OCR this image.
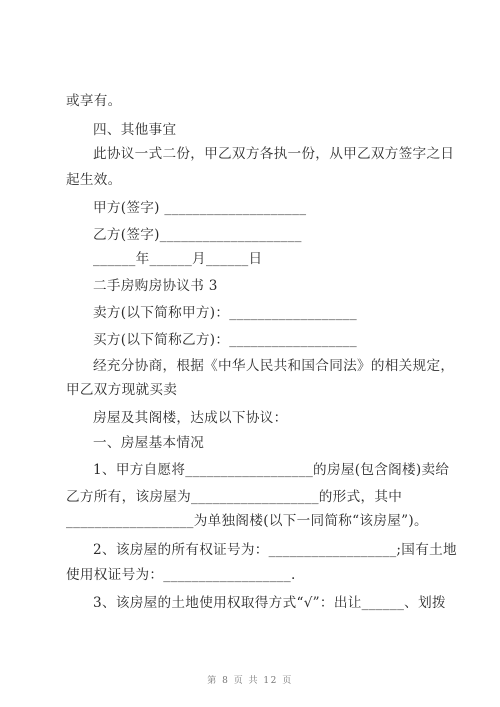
或享有。
四、其他事宜
此协议一式二份，甲乙双方各执一份，从甲乙双方签字之日
起生效。
甲方(签字) ____________________
乙方(签字)____________________
______年______月______日
二手房购房协议书 3
卖方(以下简称甲方)：__________________
买方(以下简称乙方)：__________________
经充分协商，根据《中华人民共和国合同法》的相关规定，
甲乙双方现就买卖
房屋及其阁楼，达成以下协议：
一、房屋基本情况
1、甲方自愿将__________________的房屋(包含阁楼)卖给
乙方所有，该房屋为__________________的形式，其中
__________________为单独阁楼(以下一同简称“该房屋”)。
2、该房屋的所有权证号为：__________________;国有土地
使用权证号为：__________________.
3、该房屋的土地使用权取得方式“√”：出让______、划拨
第 8 页 共 12 页
